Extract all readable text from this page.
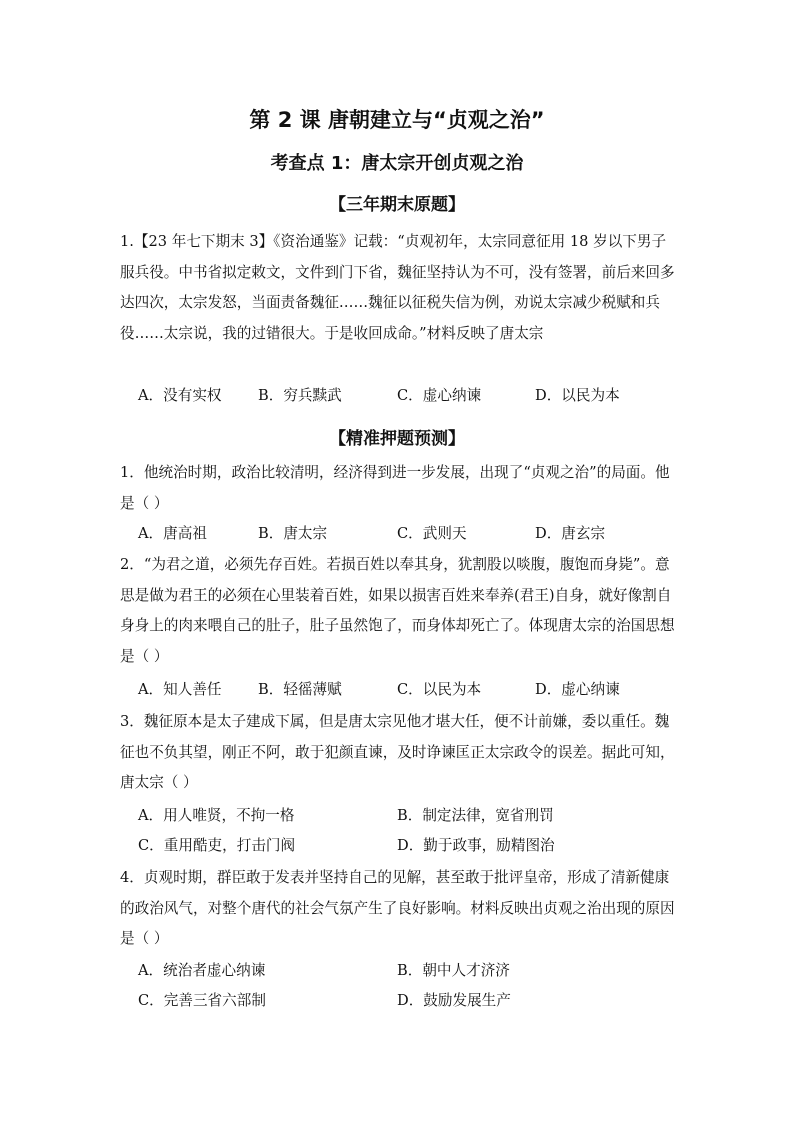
第 2 课 唐朝建立与“贞观之治”
考查点 1：唐太宗开创贞观之治
【三年期末原题】
1.【23 年七下期末 3】《资治通鉴》记载：“贞观初年，太宗同意征用 18 岁以下男子服兵役。中书省拟定敕文，文件到门下省，魏征坚持认为不可，没有签署，前后来回多达四次，太宗发怒，当面责备魏征……魏征以征税失信为例，劝说太宗减少税赋和兵役……太宗说，我的过错很大。于是收回成命。”材料反映了唐太宗
A．没有实权 B．穷兵黩武	C．虚心纳谏	D．以民为本
【精准押题预测】
1．他统治时期，政治比较清明，经济得到进一步发展，出现了“贞观之治”的局面。他是（ ）
A．唐高祖	B．唐太宗	C．武则天	D．唐玄宗
2．“为君之道，必须先存百姓。若损百姓以奉其身，犹割股以啖腹，腹饱而身毙”。意思是做为君王的必须在心里装着百姓，如果以损害百姓来奉养(君王)自身，就好像割自身身上的肉来喂自己的肚子，肚子虽然饱了，而身体却死亡了。体现唐太宗的治国思想是（ ）
A．知人善任 B．轻徭薄赋	C．以民为本	D．虚心纳谏
3．魏征原本是太子建成下属，但是唐太宗见他才堪大任，便不计前嫌，委以重任。魏征也不负其望，刚正不阿，敢于犯颜直谏，及时诤谏匡正太宗政令的误差。据此可知，唐太宗（ ）
A．用人唯贤，不拘一格	B．制定法律，宽省刑罚
C．重用酷吏，打击门阀	D．勤于政事，励精图治
4．贞观时期，群臣敢于发表并坚持自己的见解，甚至敢于批评皇帝，形成了清新健康的政治风气，对整个唐代的社会气氛产生了良好影响。材料反映出贞观之治出现的原因是（ ）
A．统治者虚心纳谏	B．朝中人才济济
C．完善三省六部制	D．鼓励发展生产
